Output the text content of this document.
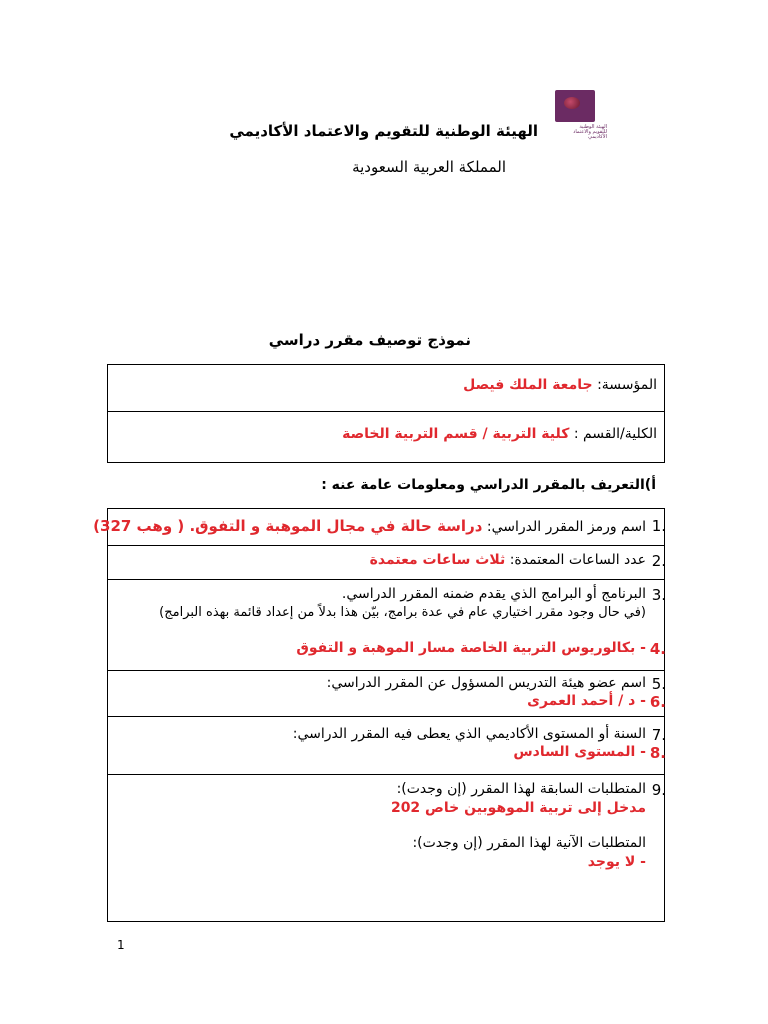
الهيئة الوطنية للتقويم والاعتماد الأكاديمي
الهيئة الوطنية للتقويم والاعتماد الأكاديمي
المملكة العربية السعودية
نموذج توصيف مقرر دراسي
المؤسسة: جامعة الملك فيصل
الكلية/القسم : كلية التربية / قسم التربية الخاصة
أ)التعريف بالمقرر الدراسي ومعلومات عامة عنه :
اسم ورمز المقرر الدراسي: دراسة حالة في مجال الموهبة و التفوق. ( وهب 327)	1.
عدد الساعات المعتمدة: ثلاث ساعات معتمدة	2.
البرنامج أو البرامج الذي يقدم ضمنه المقرر الدراسي. 3.
(في حال وجود مقرر اختياري عام في عدة برامج، بيّن هذا بدلاً من إعداد قائمة بهذه البرامج)
- بكالوريوس التربية الخاصة مسار الموهبة و التفوق 4.
اسم عضو هيئة التدريس المسؤول عن المقرر الدراسي: 5.
- د / أحمد العمرى 6.
السنة أو المستوى الأكاديمي الذي يعطى فيه المقرر الدراسي: 7.
- المستوى السادس 8.
المتطلبات السابقة لهذا المقرر (إن وجدت): 9.
مدخل إلى تربية الموهوبين خاص 202
المتطلبات الآنية لهذا المقرر (إن وجدت):
- لا يوجد
1
